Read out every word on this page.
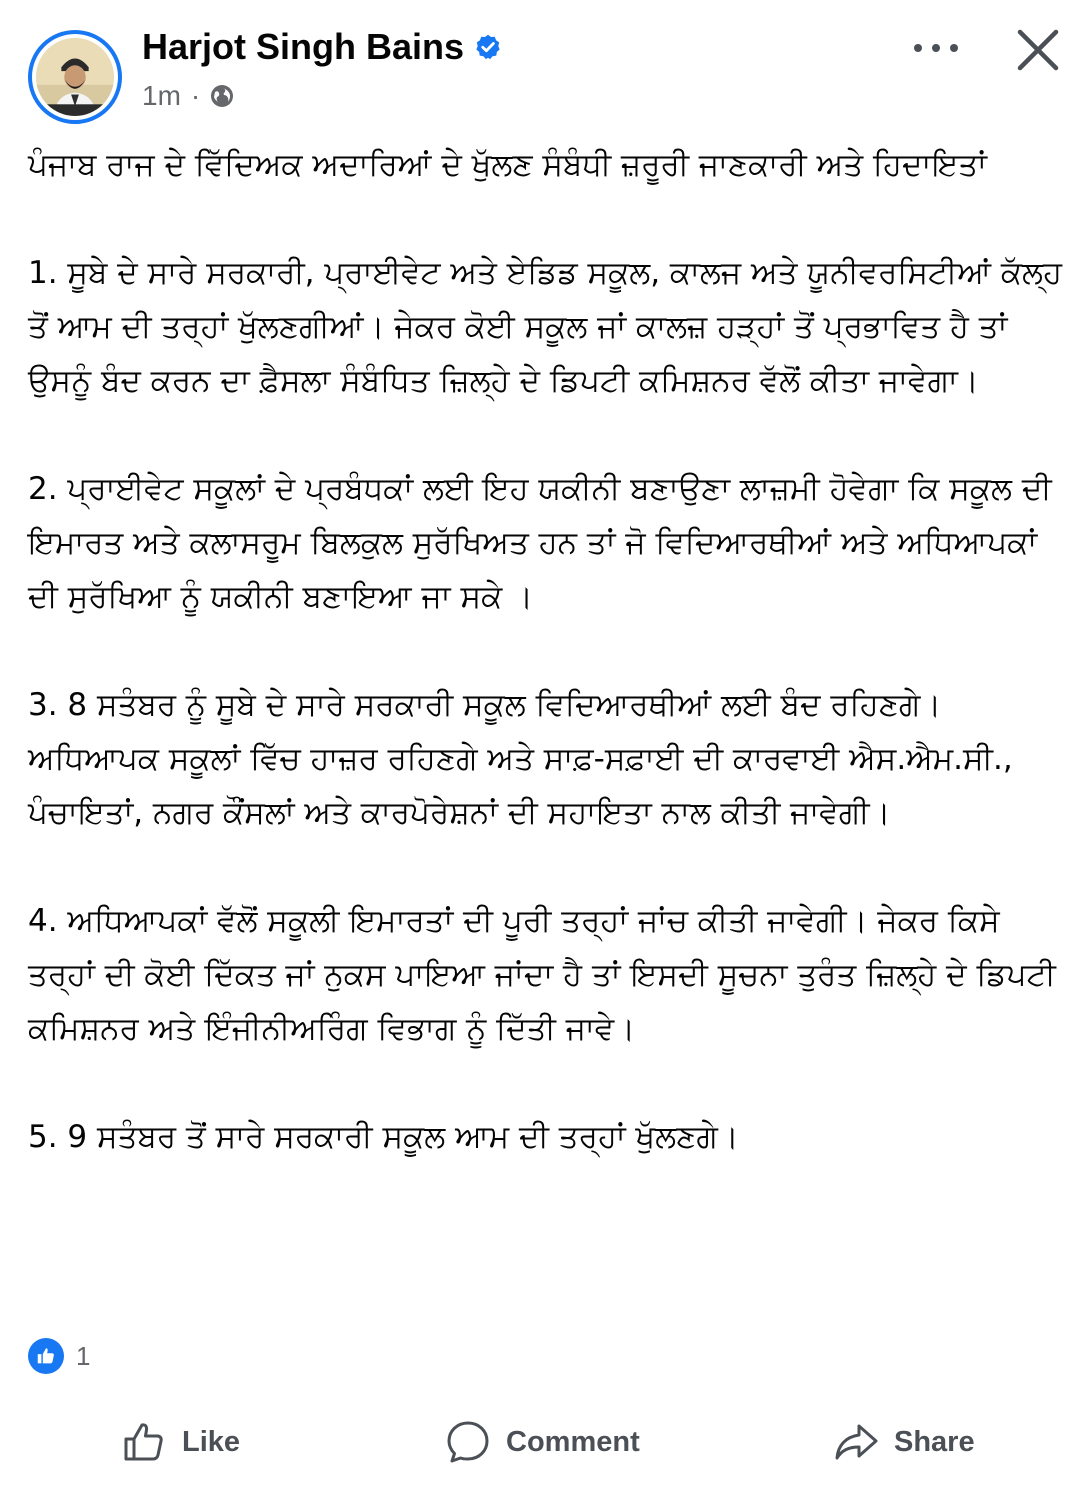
Harjot Singh Bains
1m ·

ਪੰਜਾਬ ਰਾਜ ਦੇ ਵਿੱਦਿਅਕ ਅਦਾਰਿਆਂ ਦੇ ਖੁੱਲਣ ਸੰਬੰਧੀ ਜ਼ਰੂਰੀ ਜਾਣਕਾਰੀ ਅਤੇ ਹਿਦਾਇਤਾਂ

1. ਸੂਬੇ ਦੇ ਸਾਰੇ ਸਰਕਾਰੀ, ਪ੍ਰਾਈਵੇਟ ਅਤੇ ਏਡਿਡ ਸਕੂਲ, ਕਾਲਜ ਅਤੇ ਯੂਨੀਵਰਸਿਟੀਆਂ ਕੱਲ੍ਹ ਤੋਂ ਆਮ ਦੀ ਤਰ੍ਹਾਂ ਖੁੱਲਣਗੀਆਂ। ਜੇਕਰ ਕੋਈ ਸਕੂਲ ਜਾਂ ਕਾਲਜ਼ ਹੜ੍ਹਾਂ ਤੋਂ ਪ੍ਰਭਾਵਿਤ ਹੈ ਤਾਂ ਉਸਨੂੰ ਬੰਦ ਕਰਨ ਦਾ ਫ਼ੈਸਲਾ ਸੰਬੰਧਿਤ ਜ਼ਿਲ੍ਹੇ ਦੇ ਡਿਪਟੀ ਕਮਿਸ਼ਨਰ ਵੱਲੋਂ ਕੀਤਾ ਜਾਵੇਗਾ।

2. ਪ੍ਰਾਈਵੇਟ ਸਕੂਲਾਂ ਦੇ ਪ੍ਰਬੰਧਕਾਂ ਲਈ ਇਹ ਯਕੀਨੀ ਬਣਾਉਣਾ ਲਾਜ਼ਮੀ ਹੋਵੇਗਾ ਕਿ ਸਕੂਲ ਦੀ ਇਮਾਰਤ ਅਤੇ ਕਲਾਸਰੂਮ ਬਿਲਕੁਲ ਸੁਰੱਖਿਅਤ ਹਨ ਤਾਂ ਜੋ ਵਿਦਿਆਰਥੀਆਂ ਅਤੇ ਅਧਿਆਪਕਾਂ ਦੀ ਸੁਰੱਖਿਆ ਨੂੰ ਯਕੀਨੀ ਬਣਾਇਆ ਜਾ ਸਕੇ ।

3. 8 ਸਤੰਬਰ ਨੂੰ ਸੂਬੇ ਦੇ ਸਾਰੇ ਸਰਕਾਰੀ ਸਕੂਲ ਵਿਦਿਆਰਥੀਆਂ ਲਈ ਬੰਦ ਰਹਿਣਗੇ। ਅਧਿਆਪਕ ਸਕੂਲਾਂ ਵਿੱਚ ਹਾਜ਼ਰ ਰਹਿਣਗੇ ਅਤੇ ਸਾਫ਼-ਸਫ਼ਾਈ ਦੀ ਕਾਰਵਾਈ ਐਸ.ਐਮ.ਸੀ., ਪੰਚਾਇਤਾਂ, ਨਗਰ ਕੌਂਸਲਾਂ ਅਤੇ ਕਾਰਪੋਰੇਸ਼ਨਾਂ ਦੀ ਸਹਾਇਤਾ ਨਾਲ ਕੀਤੀ ਜਾਵੇਗੀ।

4. ਅਧਿਆਪਕਾਂ ਵੱਲੋਂ ਸਕੂਲੀ ਇਮਾਰਤਾਂ ਦੀ ਪੂਰੀ ਤਰ੍ਹਾਂ ਜਾਂਚ ਕੀਤੀ ਜਾਵੇਗੀ। ਜੇਕਰ ਕਿਸੇ ਤਰ੍ਹਾਂ ਦੀ ਕੋਈ ਦਿੱਕਤ ਜਾਂ ਨੁਕਸ ਪਾਇਆ ਜਾਂਦਾ ਹੈ ਤਾਂ ਇਸਦੀ ਸੂਚਨਾ ਤੁਰੰਤ ਜ਼ਿਲ੍ਹੇ ਦੇ ਡਿਪਟੀ ਕਮਿਸ਼ਨਰ ਅਤੇ ਇੰਜੀਨੀਅਰਿੰਗ ਵਿਭਾਗ ਨੂੰ ਦਿੱਤੀ ਜਾਵੇ।

5. 9 ਸਤੰਬਰ ਤੋਂ ਸਾਰੇ ਸਰਕਾਰੀ ਸਕੂਲ ਆਮ ਦੀ ਤਰ੍ਹਾਂ ਖੁੱਲਣਗੇ।

1
Like	Comment	Share
